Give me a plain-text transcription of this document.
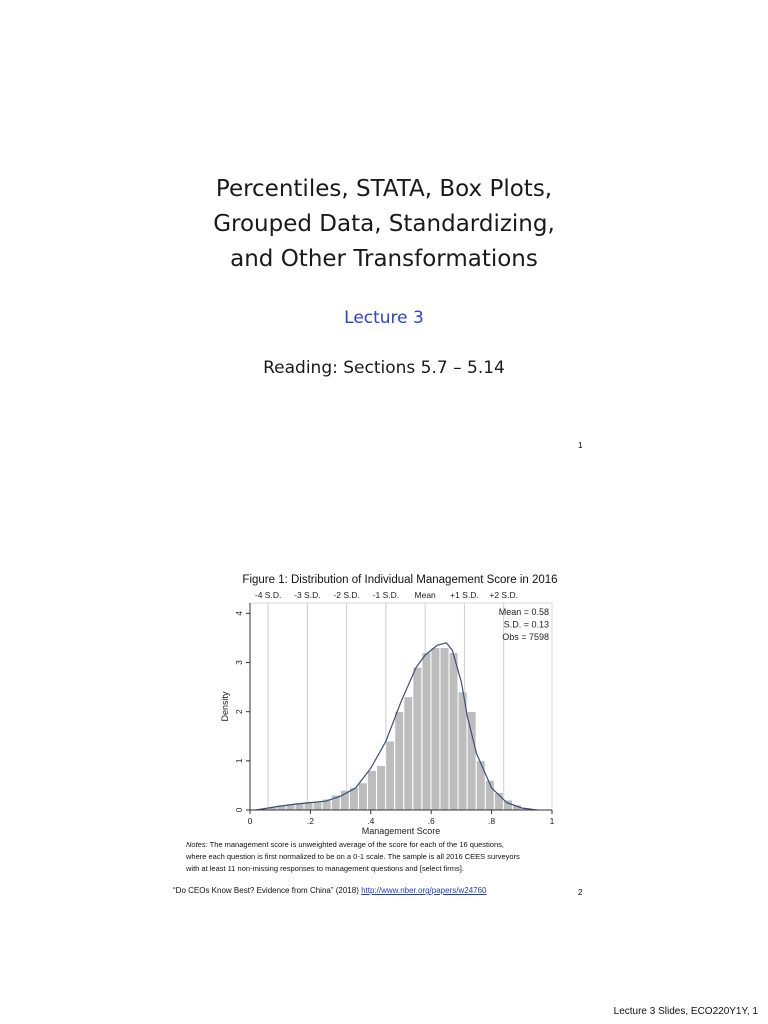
Percentiles, STATA, Box Plots,
Grouped Data, Standardizing,
and Other Transformations
Lecture 3
Reading: Sections 5.7 – 5.14
1
Figure 1: Distribution of Individual Management Score in 2016
0	.2	.4	.6	.8	1
0
1
2
3
4
-4 S.D. -3 S.D. -2 S.D. -1 S.D. Mean +1 S.D. +2 S.D.
Management Score
Density
Mean = 0.58
S.D. = 0.13
Obs = 7598
Notes: The management score is unweighted average of the score for each of the 16 questions,
where each question is first normalized to be on a 0-1 scale. The sample is all 2016 CEES surveyors
with at least 11 non-missing responses to management questions and [select firms].
“Do CEOs Know Best? Evidence from China” (2018) http://www.nber.org/papers/w24760	2
Lecture 3 Slides, ECO220Y1Y, 1
